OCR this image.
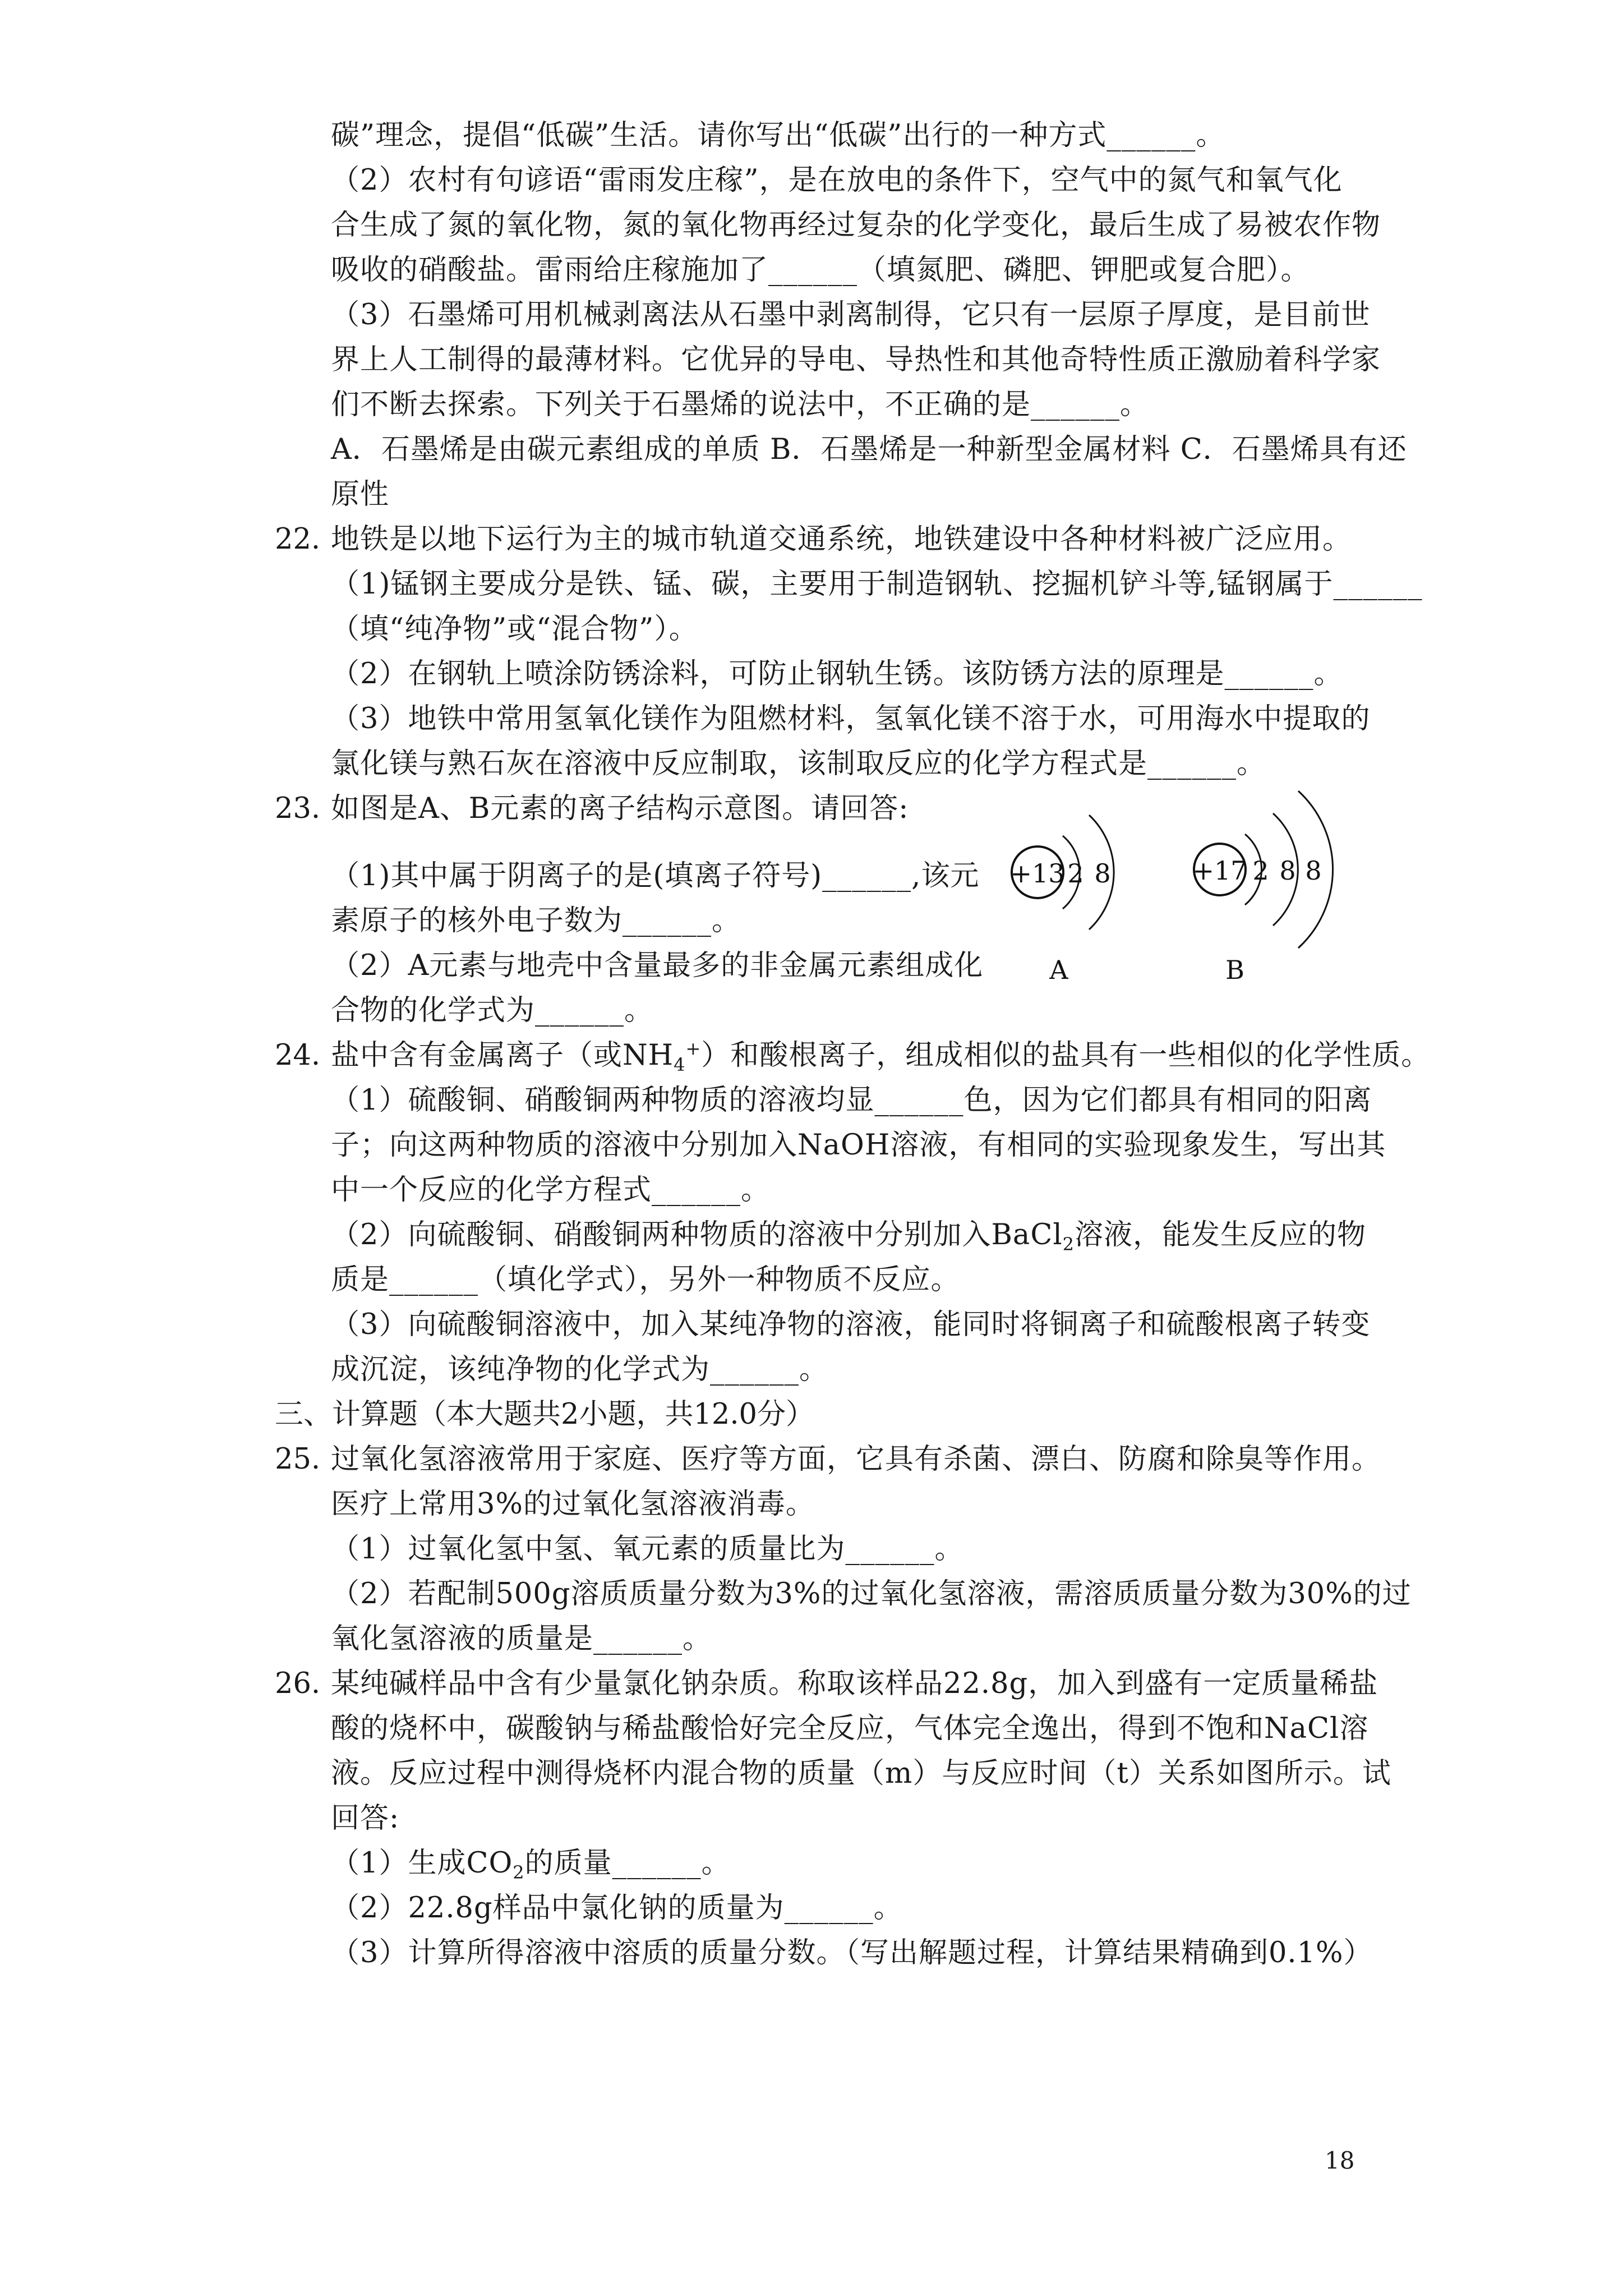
碳”理念，提倡“低碳”生活。请你写出“低碳”出行的一种方式______。
（2）农村有句谚语“雷雨发庄稼”，是在放电的条件下，空气中的氮气和氧气化
合生成了氮的氧化物，氮的氧化物再经过复杂的化学变化，最后生成了易被农作物
吸收的硝酸盐。雷雨给庄稼施加了______（填氮肥、磷肥、钾肥或复合肥）。
（3）石墨烯可用机械剥离法从石墨中剥离制得，它只有一层原子厚度，是目前世
界上人工制得的最薄材料。它优异的导电、导热性和其他奇特性质正激励着科学家
们不断去探索。下列关于石墨烯的说法中，不正确的是______。
A．石墨烯是由碳元素组成的单质 B．石墨烯是一种新型金属材料 C．石墨烯具有还
原性
22. 地铁是以地下运行为主的城市轨道交通系统，地铁建设中各种材料被广泛应用。
（1)锰钢主要成分是铁、锰、碳，主要用于制造钢轨、挖掘机铲斗等,锰钢属于______
（填“纯净物”或“混合物”）。
（2）在钢轨上喷涂防锈涂料，可防止钢轨生锈。该防锈方法的原理是______。
（3）地铁中常用氢氧化镁作为阻燃材料，氢氧化镁不溶于水，可用海水中提取的
氯化镁与熟石灰在溶液中反应制取，该制取反应的化学方程式是______。
23. 如图是A、B元素的离子结构示意图。请回答:
（1)其中属于阴离子的是(填离子符号)______,该元
素原子的核外电子数为______。
（2）A元素与地壳中含量最多的非金属元素组成化
合物的化学式为______。
+13 2 8
A
+17 2 8 8
B
24. 盐中含有金属离子（或$NH_4^+$）和酸根离子，组成相似的盐具有一些相似的化学性质。
（1）硫酸铜、硝酸铜两种物质的溶液均显______色，因为它们都具有相同的阳离
子；向这两种物质的溶液中分别加入NaOH溶液，有相同的实验现象发生，写出其
中一个反应的化学方程式______。
（2）向硫酸铜、硝酸铜两种物质的溶液中分别加入BaCl$_2$溶液，能发生反应的物
质是______（填化学式），另外一种物质不反应。
（3）向硫酸铜溶液中，加入某纯净物的溶液，能同时将铜离子和硫酸根离子转变
成沉淀，该纯净物的化学式为______。
三、计算题（本大题共2小题，共12.0分）
25. 过氧化氢溶液常用于家庭、医疗等方面，它具有杀菌、漂白、防腐和除臭等作用。
医疗上常用3%的过氧化氢溶液消毒。
（1）过氧化氢中氢、氧元素的质量比为______。
（2）若配制500g溶质质量分数为3%的过氧化氢溶液，需溶质质量分数为30%的过
氧化氢溶液的质量是______。
26. 某纯碱样品中含有少量氯化钠杂质。称取该样品22.8g，加入到盛有一定质量稀盐
酸的烧杯中，碳酸钠与稀盐酸恰好完全反应，气体完全逸出，得到不饱和NaCl溶
液。反应过程中测得烧杯内混合物的质量（m）与反应时间（t）关系如图所示。试
回答:
（1）生成$CO_2$的质量______。
（2）22.8g样品中氯化钠的质量为______。
（3）计算所得溶液中溶质的质量分数。（写出解题过程，计算结果精确到0.1%）
18
